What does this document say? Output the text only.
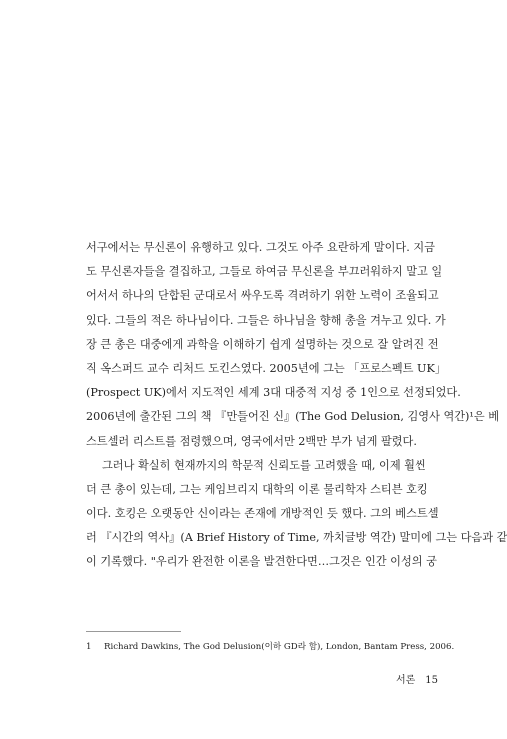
서구에서는 무신론이 유행하고 있다. 그것도 아주 요란하게 말이다. 지금
도 무신론자들을 결집하고, 그들로 하여금 무신론을 부끄러워하지 말고 일
어서서 하나의 단합된 군대로서 싸우도록 격려하기 위한 노력이 조율되고
있다. 그들의 적은 하나님이다. 그들은 하나님을 향해 총을 겨누고 있다. 가
장 큰 총은 대중에게 과학을 이해하기 쉽게 설명하는 것으로 잘 알려진 전
직 옥스퍼드 교수 리처드 도킨스였다. 2005년에 그는 「프로스펙트 UK」
(Prospect UK)에서 지도적인 세계 3대 대중적 지성 중 1인으로 선정되었다.
2006년에 출간된 그의 책 『만들어진 신』(The God Delusion, 김영사 역간)¹은 베
스트셀러 리스트를 점령했으며, 영국에서만 2백만 부가 넘게 팔렸다.
그러나 확실히 현재까지의 학문적 신뢰도를 고려했을 때, 이제 훨씬
더 큰 총이 있는데, 그는 케임브리지 대학의 이론 물리학자 스티븐 호킹
이다. 호킹은 오랫동안 신이라는 존재에 개방적인 듯 했다. 그의 베스트셀
러 『시간의 역사』(A Brief History of Time, 까치글방 역간) 말미에 그는 다음과 같
이 기록했다. "우리가 완전한 이론을 발견한다면…그것은 인간 이성의 궁
1 Richard Dawkins, The God Delusion(이하 GD라 함), London, Bantam Press, 2006.
서론 15
